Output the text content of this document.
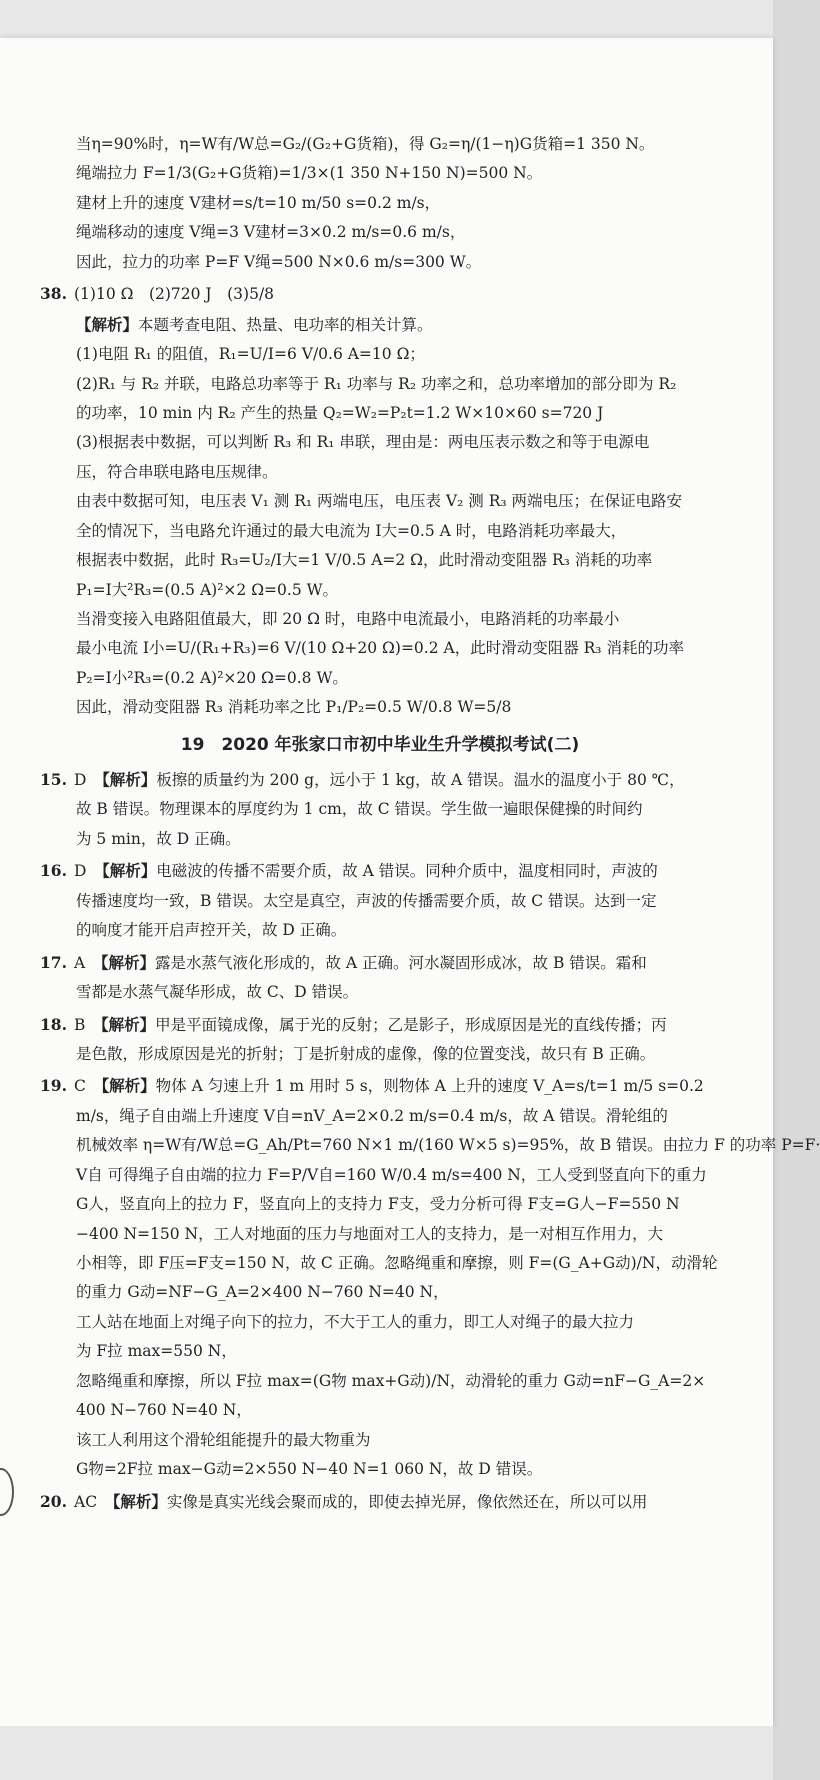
当η=90%时，η=W有/W总=G₂/(G₂+G货箱)，得 G₂=η/(1−η)G货箱=1 350 N。
绳端拉力 F=1/3(G₂+G货箱)=1/3×(1 350 N+150 N)=500 N。
建材上升的速度 V建材=s/t=10 m/50 s=0.2 m/s，
绳端移动的速度 V绳=3 V建材=3×0.2 m/s=0.6 m/s，
因此，拉力的功率 P=F V绳=500 N×0.6 m/s=300 W。
38. (1)10 Ω　(2)720 J　(3)5/8
【解析】本题考查电阻、热量、电功率的相关计算。
(1)电阻 R₁ 的阻值，R₁=U/I=6 V/0.6 A=10 Ω；
(2)R₁ 与 R₂ 并联，电路总功率等于 R₁ 功率与 R₂ 功率之和，总功率增加的部分即为 R₂
的功率，10 min 内 R₂ 产生的热量 Q₂=W₂=P₂t=1.2 W×10×60 s=720 J
(3)根据表中数据，可以判断 R₃ 和 R₁ 串联，理由是：两电压表示数之和等于电源电
压，符合串联电路电压规律。
由表中数据可知，电压表 V₁ 测 R₁ 两端电压，电压表 V₂ 测 R₃ 两端电压；在保证电路安
全的情况下，当电路允许通过的最大电流为 I大=0.5 A 时，电路消耗功率最大，
根据表中数据，此时 R₃=U₂/I大=1 V/0.5 A=2 Ω，此时滑动变阻器 R₃ 消耗的功率
P₁=I大²R₃=(0.5 A)²×2 Ω=0.5 W。
当滑变接入电路阻值最大，即 20 Ω 时，电路中电流最小，电路消耗的功率最小
最小电流 I小=U/(R₁+R₃)=6 V/(10 Ω+20 Ω)=0.2 A，此时滑动变阻器 R₃ 消耗的功率
P₂=I小²R₃=(0.2 A)²×20 Ω=0.8 W。
因此，滑动变阻器 R₃ 消耗功率之比 P₁/P₂=0.5 W/0.8 W=5/8
19　2020 年张家口市初中毕业生升学模拟考试(二)
15. D　 【解析】板擦的质量约为 200 g，远小于 1 kg，故 A 错误。温水的温度小于 80 ℃，
故 B 错误。物理课本的厚度约为 1 cm，故 C 错误。学生做一遍眼保健操的时间约
为 5 min，故 D 正确。
16. D　 【解析】电磁波的传播不需要介质，故 A 错误。同种介质中，温度相同时，声波的
传播速度均一致，B 错误。太空是真空，声波的传播需要介质，故 C 错误。达到一定
的响度才能开启声控开关，故 D 正确。
17. A　 【解析】露是水蒸气液化形成的，故 A 正确。河水凝固形成冰，故 B 错误。霜和
雪都是水蒸气凝华形成，故 C、D 错误。
18. B　 【解析】甲是平面镜成像，属于光的反射；乙是影子，形成原因是光的直线传播；丙
是色散，形成原因是光的折射；丁是折射成的虚像，像的位置变浅，故只有 B 正确。
19. C　 【解析】物体 A 匀速上升 1 m 用时 5 s，则物体 A 上升的速度 V_A=s/t=1 m/5 s=0.2
m/s，绳子自由端上升速度 V自=nV_A=2×0.2 m/s=0.4 m/s，故 A 错误。滑轮组的
机械效率 η=W有/W总=G_Ah/Pt=760 N×1 m/(160 W×5 s)=95%，故 B 错误。由拉力 F 的功率 P=F·
V自 可得绳子自由端的拉力 F=P/V自=160 W/0.4 m/s=400 N，工人受到竖直向下的重力
G人，竖直向上的拉力 F，竖直向上的支持力 F支，受力分析可得 F支=G人−F=550 N
−400 N=150 N，工人对地面的压力与地面对工人的支持力，是一对相互作用力，大
小相等，即 F压=F支=150 N，故 C 正确。忽略绳重和摩擦，则 F=(G_A+G动)/N，动滑轮
的重力 G动=NF−G_A=2×400 N−760 N=40 N，
工人站在地面上对绳子向下的拉力，不大于工人的重力，即工人对绳子的最大拉力
为 F拉 max=550 N，
忽略绳重和摩擦，所以 F拉 max=(G物 max+G动)/N，动滑轮的重力 G动=nF−G_A=2×
400 N−760 N=40 N，
该工人利用这个滑轮组能提升的最大物重为
G物=2F拉 max−G动=2×550 N−40 N=1 060 N，故 D 错误。
20. AC　 【解析】实像是真实光线会聚而成的，即使去掉光屏，像依然还在，所以可以用
